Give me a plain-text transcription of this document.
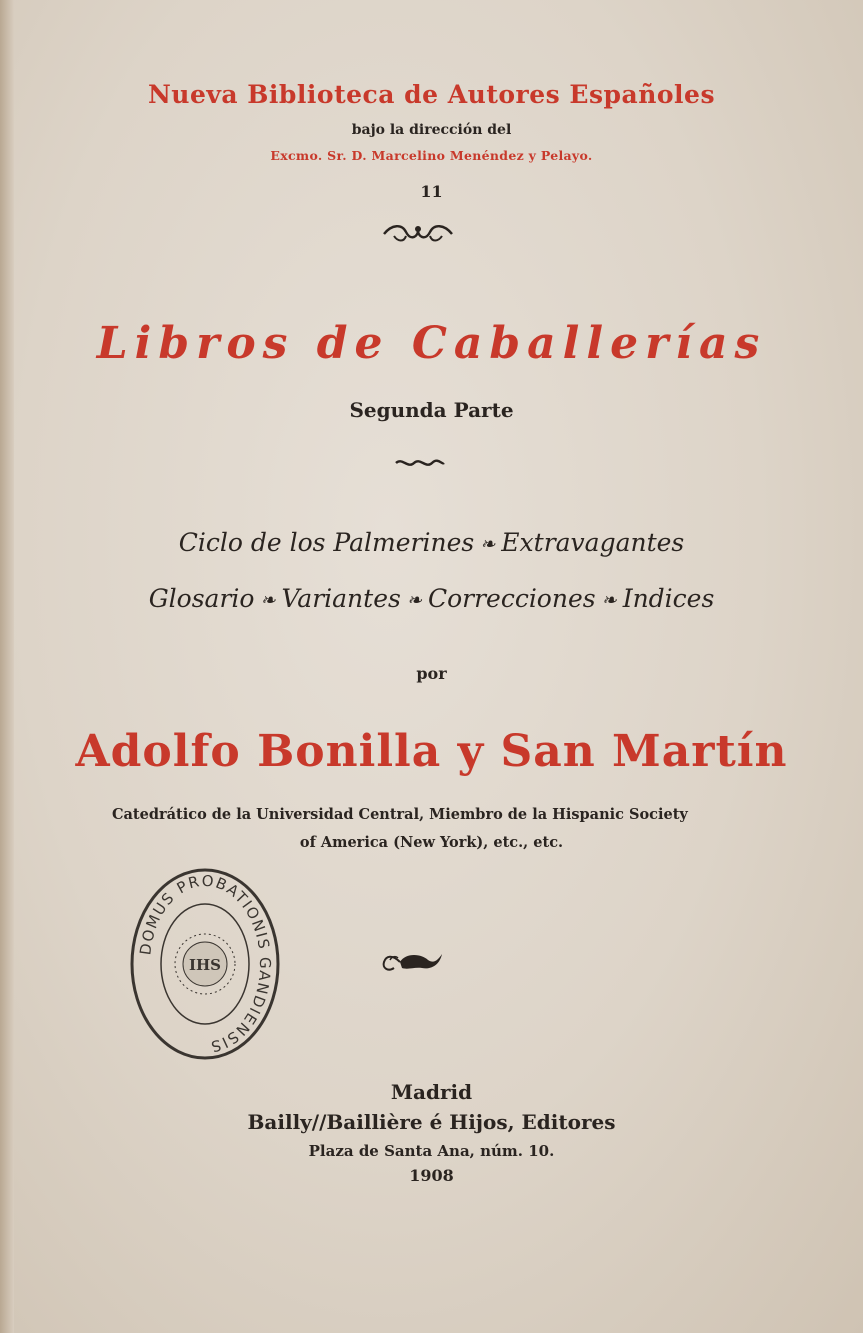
Nueva Biblioteca de Autores Españoles
bajo la dirección del
Excmo. Sr. D. Marcelino Menéndez y Pelayo.
11
Libros de Caballerías
Segunda Parte
Ciclo de los Palmerines ❧ Extravagantes
Glosario ❧ Variantes ❧ Correcciones ❧ Indices
por
Adolfo Bonilla y San Martín
Catedrático de la Universidad Central, Miembro de la Hispanic Society
of America (New York), etc., etc.
DOMUS PROBATIONIS GANDIENSIS
IHS
Madrid
Bailly//Baillière é Hijos, Editores
Plaza de Santa Ana, núm. 10.
1908
